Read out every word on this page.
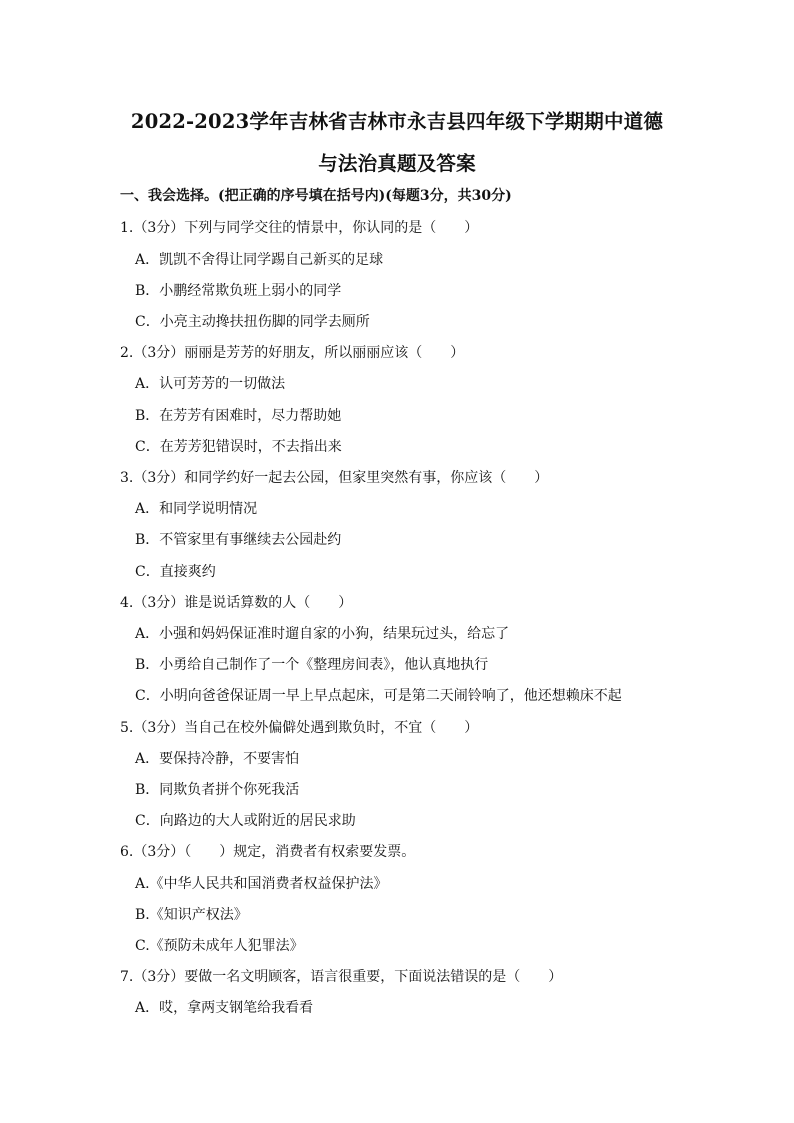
2022-2023学年吉林省吉林市永吉县四年级下学期期中道德
与法治真题及答案
一、我会选择。(把正确的序号填在括号内)(每题3分，共30分)
1.（3分）下列与同学交往的情景中，你认同的是（　　）
A．凯凯不舍得让同学踢自己新买的足球
B．小鹏经常欺负班上弱小的同学
C．小亮主动搀扶扭伤脚的同学去厕所
2.（3分）丽丽是芳芳的好朋友，所以丽丽应该（　　）
A．认可芳芳的一切做法
B．在芳芳有困难时，尽力帮助她
C．在芳芳犯错误时，不去指出来
3.（3分）和同学约好一起去公园，但家里突然有事，你应该（　　）
A．和同学说明情况
B．不管家里有事继续去公园赴约
C．直接爽约
4.（3分）谁是说话算数的人（　　）
A．小强和妈妈保证准时遛自家的小狗，结果玩过头，给忘了
B．小勇给自己制作了一个《整理房间表》，他认真地执行
C．小明向爸爸保证周一早上早点起床，可是第二天闹铃响了，他还想赖床不起
5.（3分）当自己在校外偏僻处遇到欺负时，不宜（　　）
A．要保持冷静，不要害怕
B．同欺负者拼个你死我活
C．向路边的大人或附近的居民求助
6.（3分）（　　）规定，消费者有权索要发票。
A.《中华人民共和国消费者权益保护法》
B.《知识产权法》
C.《预防未成年人犯罪法》
7.（3分）要做一名文明顾客，语言很重要，下面说法错误的是（　　）
A．哎，拿两支钢笔给我看看
